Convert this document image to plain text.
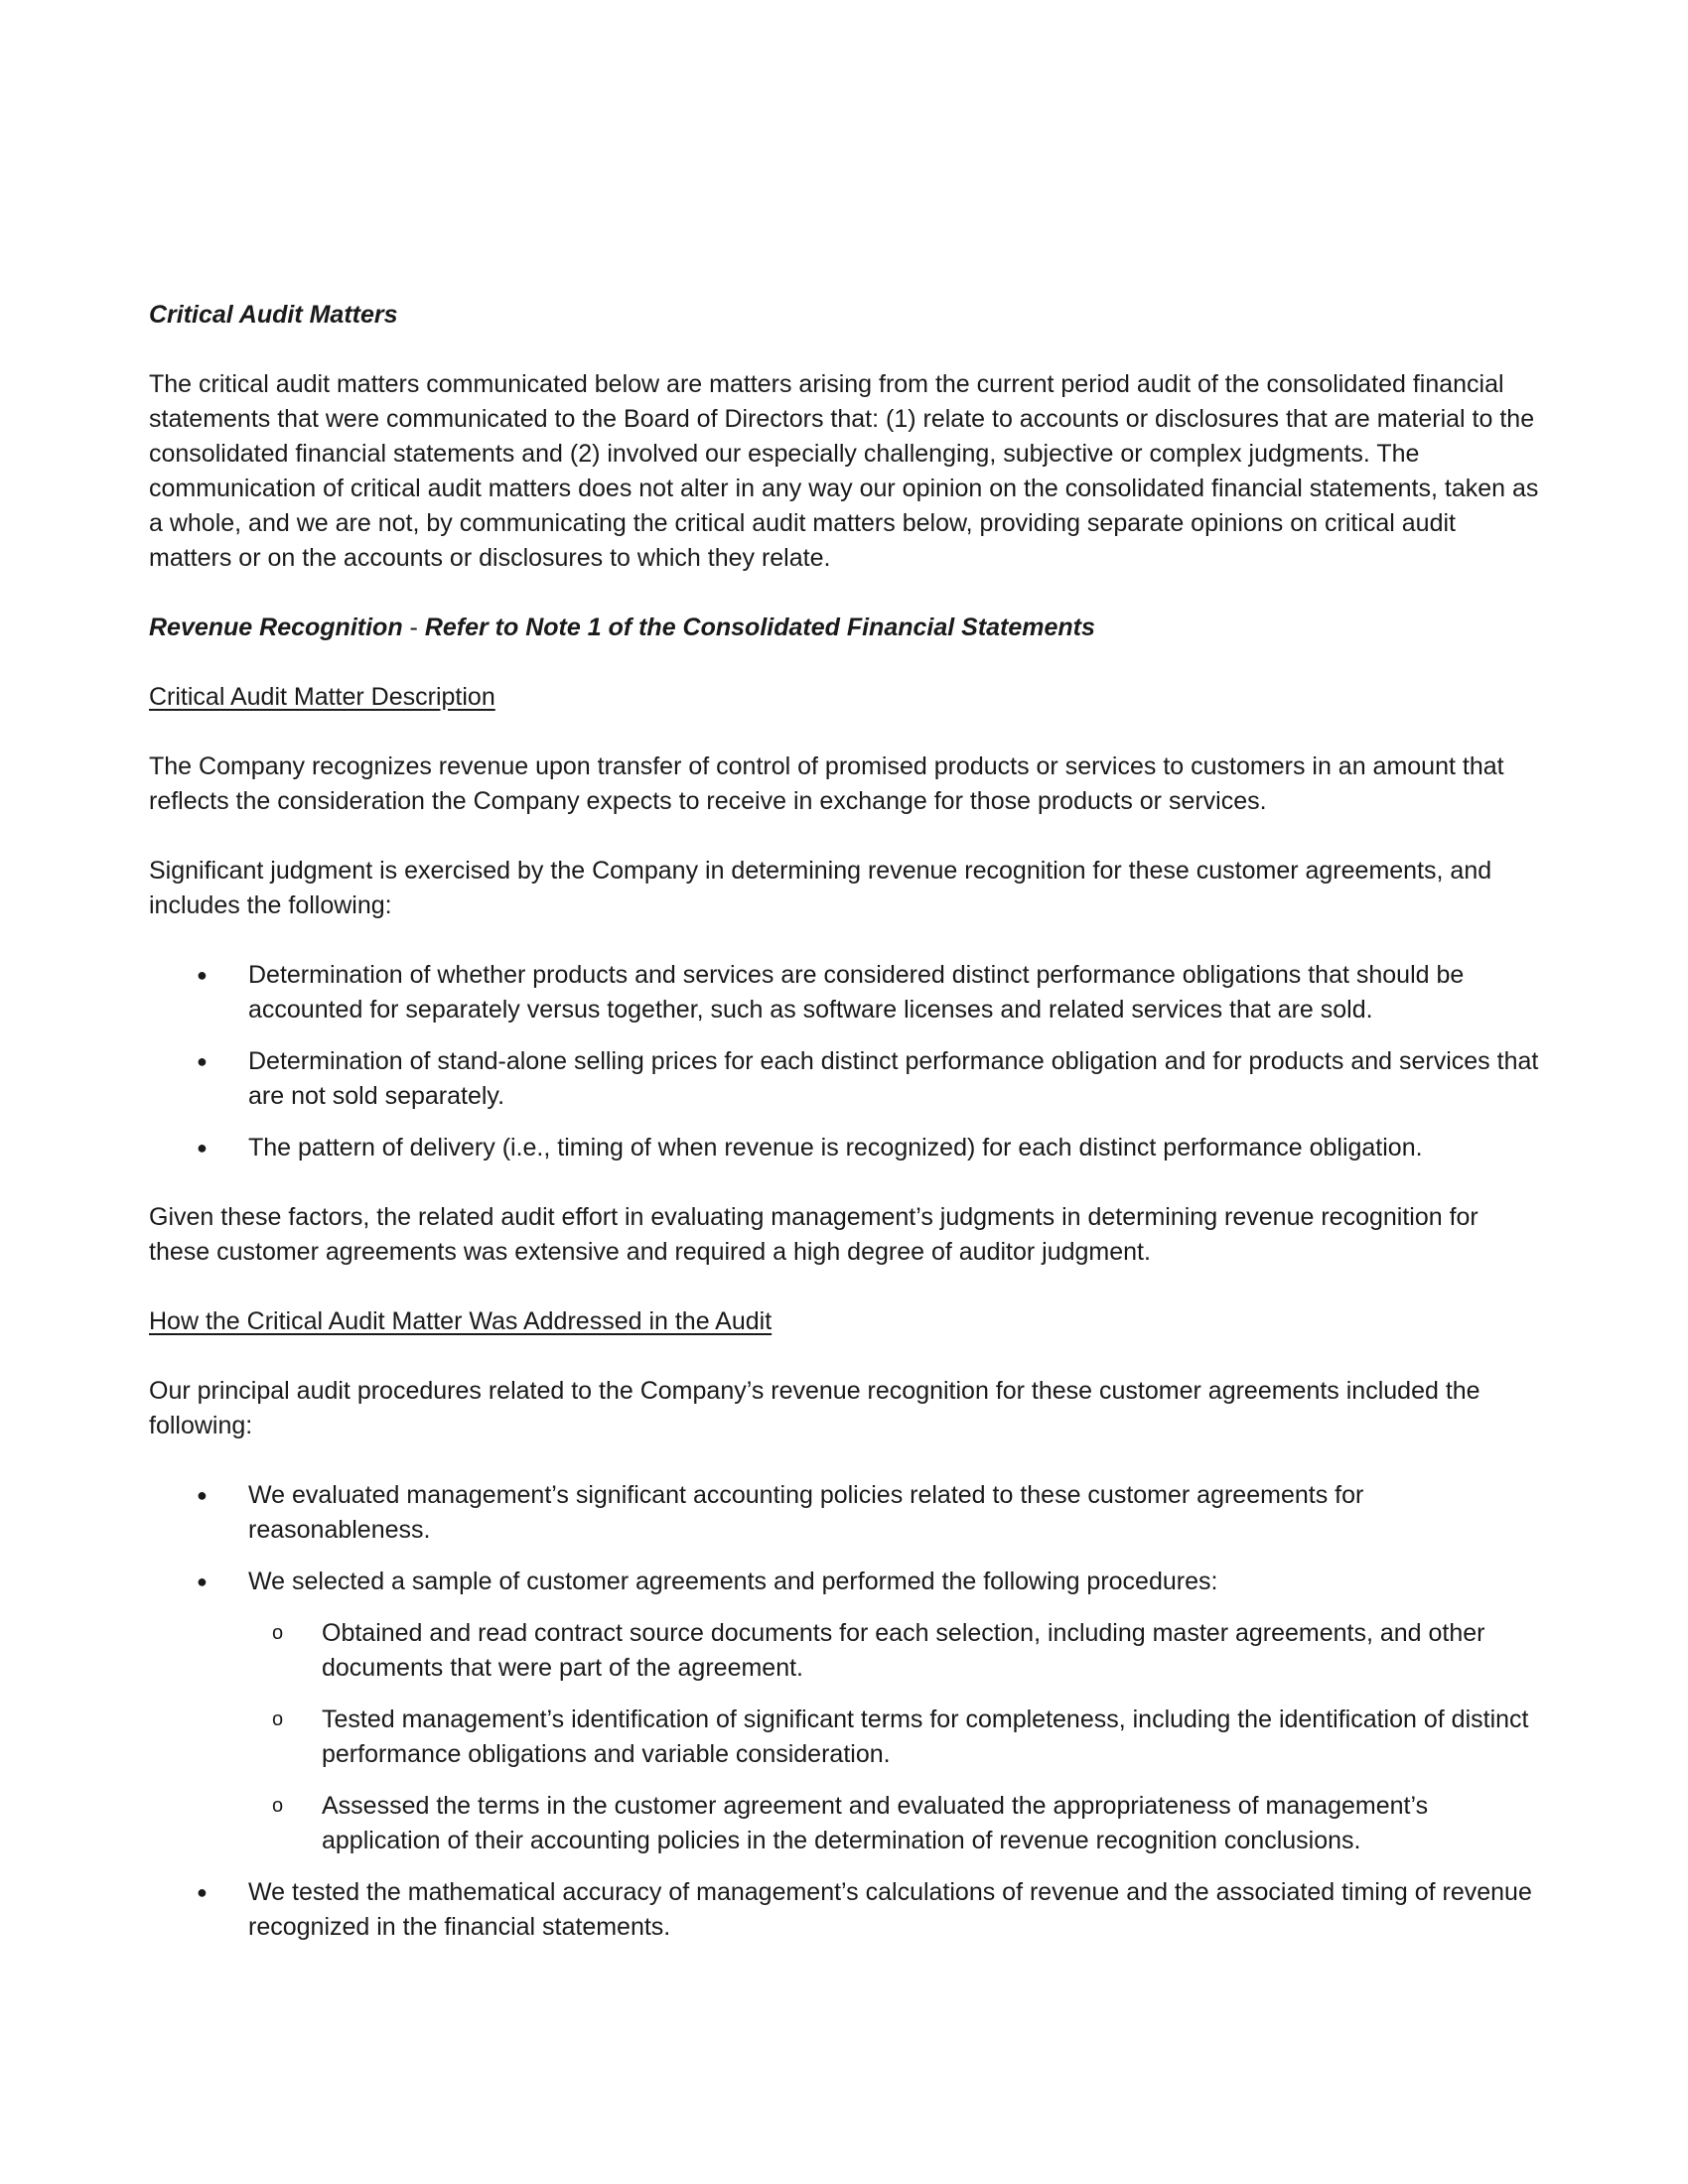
Critical Audit Matters

The critical audit matters communicated below are matters arising from the current period audit of the consolidated financial statements that were communicated to the Board of Directors that: (1) relate to accounts or disclosures that are material to the consolidated financial statements and (2) involved our especially challenging, subjective or complex judgments. The communication of critical audit matters does not alter in any way our opinion on the consolidated financial statements, taken as a whole, and we are not, by communicating the critical audit matters below, providing separate opinions on critical audit matters or on the accounts or disclosures to which they relate.

Revenue Recognition - Refer to Note 1 of the Consolidated Financial Statements

Critical Audit Matter Description

The Company recognizes revenue upon transfer of control of promised products or services to customers in an amount that reflects the consideration the Company expects to receive in exchange for those products or services.

Significant judgment is exercised by the Company in determining revenue recognition for these customer agreements, and includes the following:

● Determination of whether products and services are considered distinct performance obligations that should be accounted for separately versus together, such as software licenses and related services that are sold.
● Determination of stand-alone selling prices for each distinct performance obligation and for products and services that are not sold separately.
● The pattern of delivery (i.e., timing of when revenue is recognized) for each distinct performance obligation.

Given these factors, the related audit effort in evaluating management’s judgments in determining revenue recognition for these customer agreements was extensive and required a high degree of auditor judgment.

How the Critical Audit Matter Was Addressed in the Audit

Our principal audit procedures related to the Company’s revenue recognition for these customer agreements included the following:

● We evaluated management’s significant accounting policies related to these customer agreements for reasonableness.
● We selected a sample of customer agreements and performed the following procedures:
o Obtained and read contract source documents for each selection, including master agreements, and other documents that were part of the agreement.
o Tested management’s identification of significant terms for completeness, including the identification of distinct performance obligations and variable consideration.
o Assessed the terms in the customer agreement and evaluated the appropriateness of management’s application of their accounting policies in the determination of revenue recognition conclusions.
● We tested the mathematical accuracy of management’s calculations of revenue and the associated timing of revenue recognized in the financial statements.
